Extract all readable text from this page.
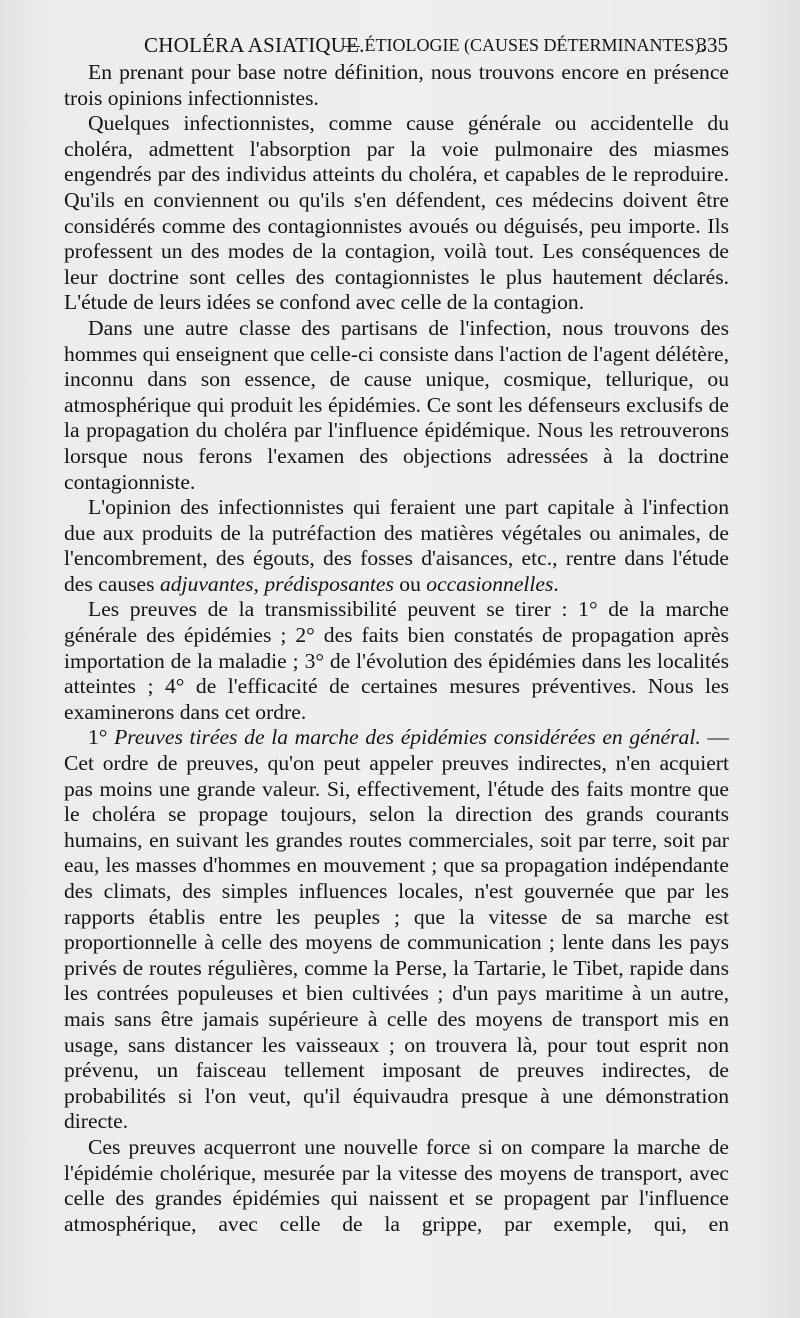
CHOLÉRA ASIATIQUE.
— ÉTIOLOGIE (CAUSES DÉTERMINANTES).
335

En prenant pour base notre définition, nous trouvons encore en présence trois opinions infectionnistes.

Quelques infectionnistes, comme cause générale ou accidentelle du choléra, admettent l'absorption par la voie pulmonaire des miasmes engendrés par des individus atteints du choléra, et capables de le reproduire. Qu'ils en conviennent ou qu'ils s'en défendent, ces médecins doivent être considérés comme des contagionnistes avoués ou déguisés, peu importe. Ils professent un des modes de la contagion, voilà tout. Les conséquences de leur doctrine sont celles des contagionnistes le plus hautement déclarés. L'étude de leurs idées se confond avec celle de la contagion.

Dans une autre classe des partisans de l'infection, nous trouvons des hommes qui enseignent que celle-ci consiste dans l'action de l'agent délétère, inconnu dans son essence, de cause unique, cosmique, tellurique, ou atmosphérique qui produit les épidémies. Ce sont les défenseurs exclusifs de la propagation du choléra par l'influence épidémique. Nous les retrouverons lorsque nous ferons l'examen des objections adressées à la doctrine contagionniste.

L'opinion des infectionnistes qui feraient une part capitale à l'infection due aux produits de la putréfaction des matières végétales ou animales, de l'encombrement, des égouts, des fosses d'aisances, etc., rentre dans l'étude des causes adjuvantes, prédisposantes ou occasionnelles.

Les preuves de la transmissibilité peuvent se tirer : 1° de la marche générale des épidémies ; 2° des faits bien constatés de propagation après importation de la maladie ; 3° de l'évolution des épidémies dans les localités atteintes ; 4° de l'efficacité de certaines mesures préventives. Nous les examinerons dans cet ordre.

1° Preuves tirées de la marche des épidémies considérées en général. — Cet ordre de preuves, qu'on peut appeler preuves indirectes, n'en acquiert pas moins une grande valeur. Si, effectivement, l'étude des faits montre que le choléra se propage toujours, selon la direction des grands courants humains, en suivant les grandes routes commerciales, soit par terre, soit par eau, les masses d'hommes en mouvement ; que sa propagation indépendante des climats, des simples influences locales, n'est gouvernée que par les rapports établis entre les peuples ; que la vitesse de sa marche est proportionnelle à celle des moyens de communication ; lente dans les pays privés de routes régulières, comme la Perse, la Tartarie, le Tibet, rapide dans les contrées populeuses et bien cultivées ; d'un pays maritime à un autre, mais sans être jamais supérieure à celle des moyens de transport mis en usage, sans distancer les vaisseaux ; on trouvera là, pour tout esprit non prévenu, un faisceau tellement imposant de preuves indirectes, de probabilités si l'on veut, qu'il équivaudra presque à une démonstration directe.

Ces preuves acquerront une nouvelle force si on compare la marche de l'épidémie cholérique, mesurée par la vitesse des moyens de transport, avec celle des grandes épidémies qui naissent et se propagent par l'influence atmosphérique, avec celle de la grippe, par exemple, qui, en
